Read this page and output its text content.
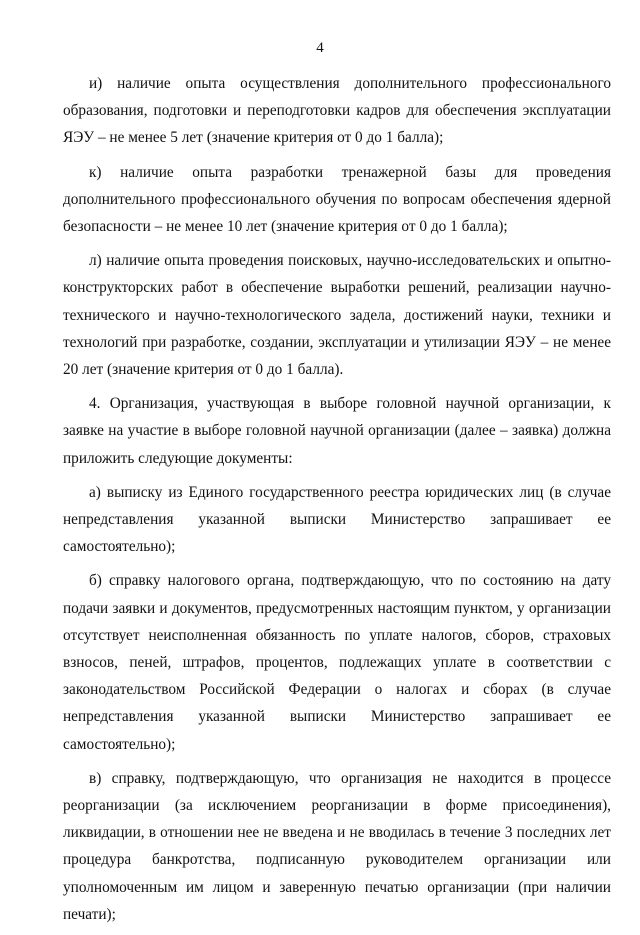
4

и) наличие опыта осуществления дополнительного профессионального образования, подготовки и переподготовки кадров для обеспечения эксплуатации ЯЭУ – не менее 5 лет (значение критерия от 0 до 1 балла);

к) наличие опыта разработки тренажерной базы для проведения дополнительного профессионального обучения по вопросам обеспечения ядерной безопасности – не менее 10 лет (значение критерия от 0 до 1 балла);

л) наличие опыта проведения поисковых, научно-исследовательских и опытно-конструкторских работ в обеспечение выработки решений, реализации научно-технического и научно-технологического задела, достижений науки, техники и технологий при разработке, создании, эксплуатации и утилизации ЯЭУ – не менее 20 лет (значение критерия от 0 до 1 балла).

4. Организация, участвующая в выборе головной научной организации, к заявке на участие в выборе головной научной организации (далее – заявка) должна приложить следующие документы:

а) выписку из Единого государственного реестра юридических лиц (в случае непредставления указанной выписки Министерство запрашивает ее самостоятельно);

б) справку налогового органа, подтверждающую, что по состоянию на дату подачи заявки и документов, предусмотренных настоящим пунктом, у организации отсутствует неисполненная обязанность по уплате налогов, сборов, страховых взносов, пеней, штрафов, процентов, подлежащих уплате в соответствии с законодательством Российской Федерации о налогах и сборах (в случае непредставления указанной выписки Министерство запрашивает ее самостоятельно);

в) справку, подтверждающую, что организация не находится в процессе реорганизации (за исключением реорганизации в форме присоединения), ликвидации, в отношении нее не введена и не вводилась в течение 3 последних лет процедура банкротства, подписанную руководителем организации или уполномоченным им лицом и заверенную печатью организации (при наличии печати);
